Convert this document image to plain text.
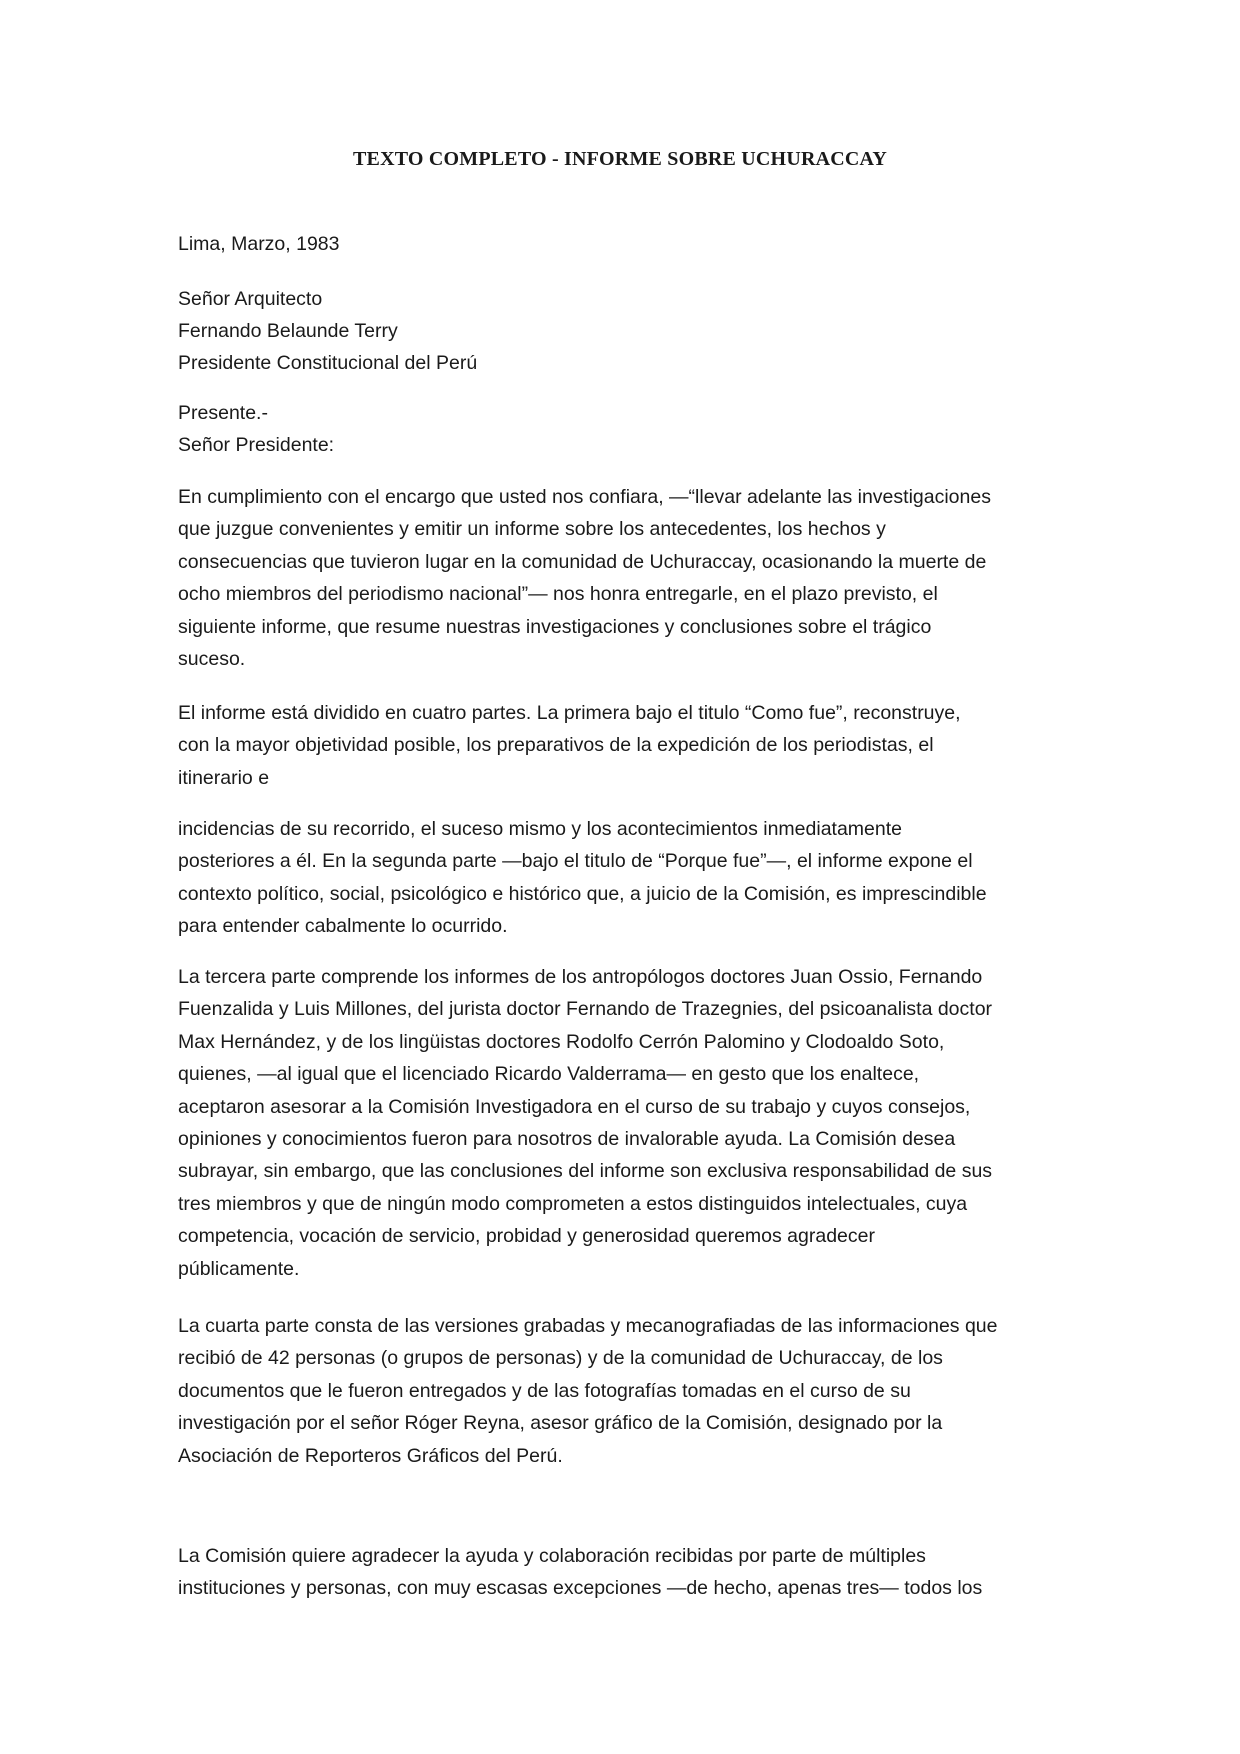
TEXTO COMPLETO - INFORME SOBRE UCHURACCAY
Lima, Marzo, 1983
Señor Arquitecto
Fernando Belaunde Terry
Presidente Constitucional del Perú
Presente.-
Señor Presidente:
En cumplimiento con el encargo que usted nos confiara, —“llevar adelante las investigaciones
que juzgue convenientes y emitir un informe sobre los antecedentes, los hechos y
consecuencias que tuvieron lugar en la comunidad de Uchuraccay, ocasionando la muerte de
ocho miembros del periodismo nacional”— nos honra entregarle, en el plazo previsto, el
siguiente informe, que resume nuestras investigaciones y conclusiones sobre el trágico
suceso.
El informe está dividido en cuatro partes. La primera bajo el titulo “Como fue”, reconstruye,
con la mayor objetividad posible, los preparativos de la expedición de los periodistas, el
itinerario e
incidencias de su recorrido, el suceso mismo y los acontecimientos inmediatamente
posteriores a él. En la segunda parte —bajo el titulo de “Porque fue”—, el informe expone el
contexto político, social, psicológico e histórico que, a juicio de la Comisión, es imprescindible
para entender cabalmente lo ocurrido.
La tercera parte comprende los informes de los antropólogos doctores Juan Ossio, Fernando
Fuenzalida y Luis Millones, del jurista doctor Fernando de Trazegnies, del psicoanalista doctor
Max Hernández, y de los lingüistas doctores Rodolfo Cerrón Palomino y Clodoaldo Soto,
quienes, —al igual que el licenciado Ricardo Valderrama— en gesto que los enaltece,
aceptaron asesorar a la Comisión Investigadora en el curso de su trabajo y cuyos consejos,
opiniones y conocimientos fueron para nosotros de invalorable ayuda. La Comisión desea
subrayar, sin embargo, que las conclusiones del informe son exclusiva responsabilidad de sus
tres miembros y que de ningún modo comprometen a estos distinguidos intelectuales, cuya
competencia, vocación de servicio, probidad y generosidad queremos agradecer
públicamente.
La cuarta parte consta de las versiones grabadas y mecanografiadas de las informaciones que
recibió de 42 personas (o grupos de personas) y de la comunidad de Uchuraccay, de los
documentos que le fueron entregados y de las fotografías tomadas en el curso de su
investigación por el señor Róger Reyna, asesor gráfico de la Comisión, designado por la
Asociación de Reporteros Gráficos del Perú.
La Comisión quiere agradecer la ayuda y colaboración recibidas por parte de múltiples
instituciones y personas, con muy escasas excepciones —de hecho, apenas tres— todos los
